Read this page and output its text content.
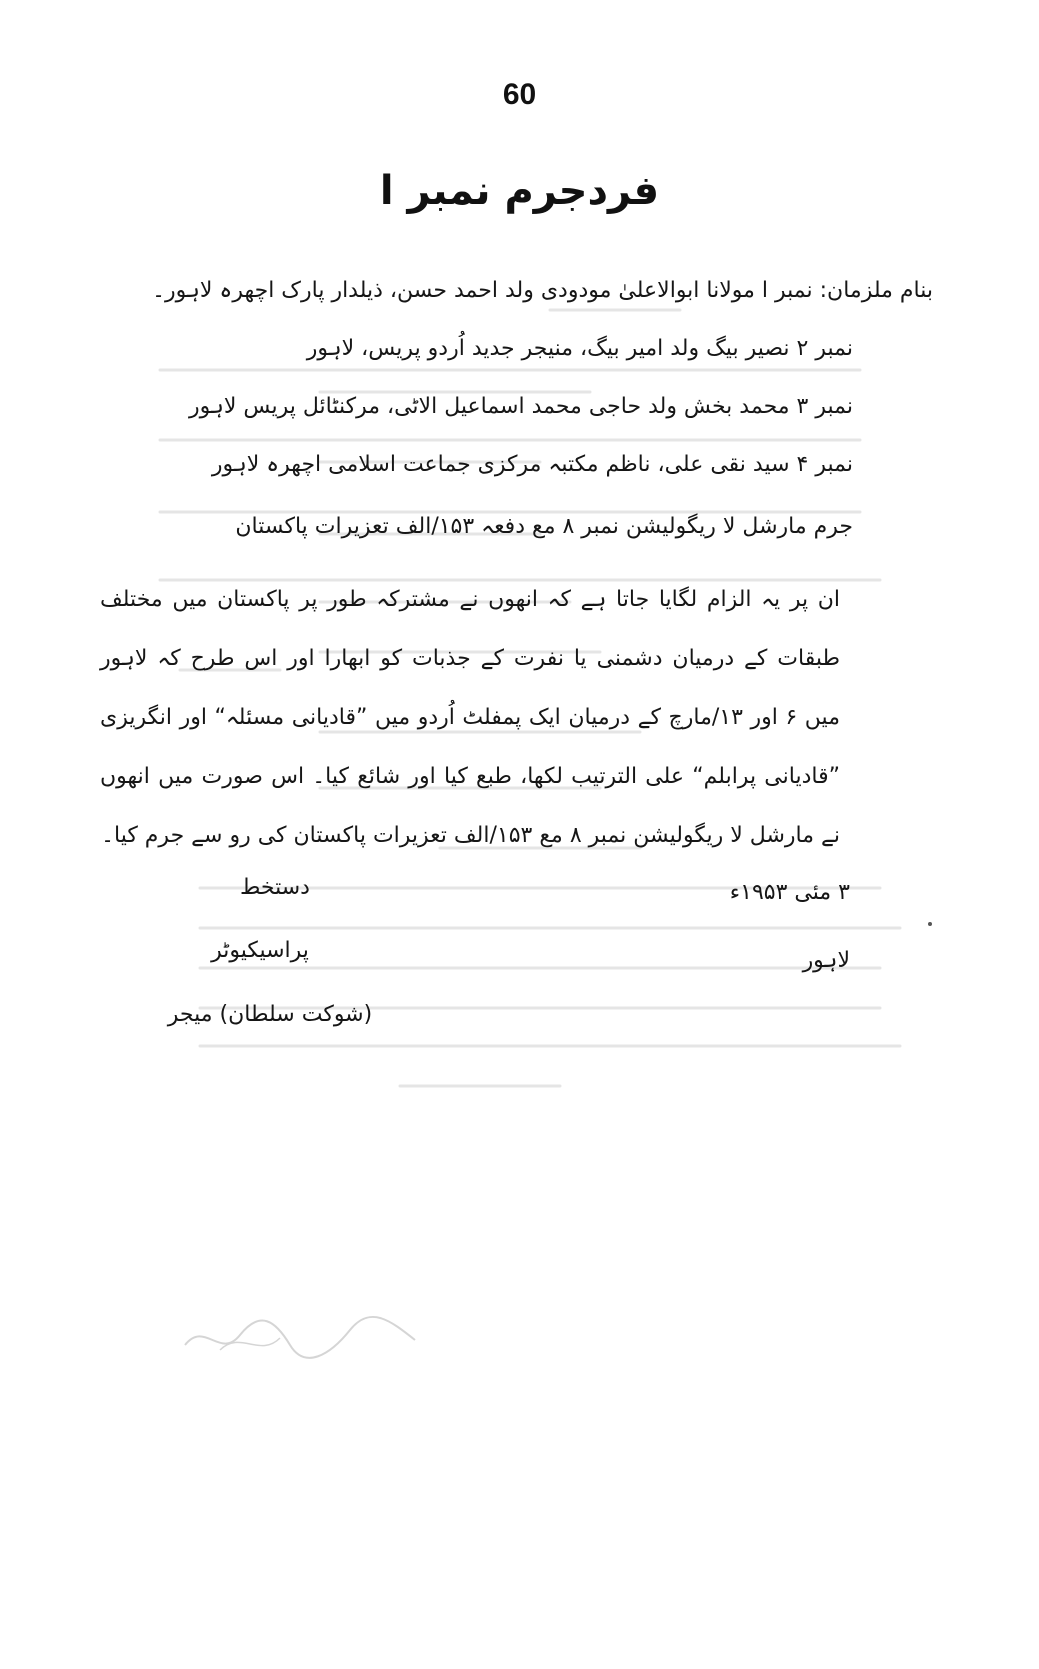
60
فردجرم نمبر ا
بنام ملزمان: نمبر ا مولانا ابوالاعلیٰ مودودی ولد احمد حسن، ذیلدار پارک اچھرہ لاہور۔
نمبر ۲ نصیر بیگ ولد امیر بیگ، منیجر جدید اُردو پریس، لاہور
نمبر ۳ محمد بخش ولد حاجی محمد اسماعیل الاٹی، مرکنٹائل پریس لاہور
نمبر ۴ سید نقی علی، ناظم مکتبہ مرکزی جماعت اسلامی اچھرہ لاہور
جرم مارشل لا ریگولیشن نمبر ۸ مع دفعہ ۱۵۳/الف تعزیرات پاکستان
ان پر یہ الزام لگایا جاتا ہے کہ انھوں نے مشترکہ طور پر پاکستان میں مختلف طبقات کے درمیان دشمنی یا نفرت کے جذبات کو ابھارا اور اس طرح کہ لاہور میں ۶ اور ۱۳/مارچ کے درمیان ایک پمفلٹ اُردو میں ”قادیانی مسئلہ“ اور انگریزی ”قادیانی پرابلم“ علی الترتیب لکھا، طبع کیا اور شائع کیا۔ اس صورت میں انھوں نے مارشل لا ریگولیشن نمبر ۸ مع ۱۵۳/الف تعزیرات پاکستان کی رو سے جرم کیا۔
۳ مئی ۱۹۵۳ء
لاہور
دستخط
پراسیکیوٹر
(شوکت سلطان) میجر
